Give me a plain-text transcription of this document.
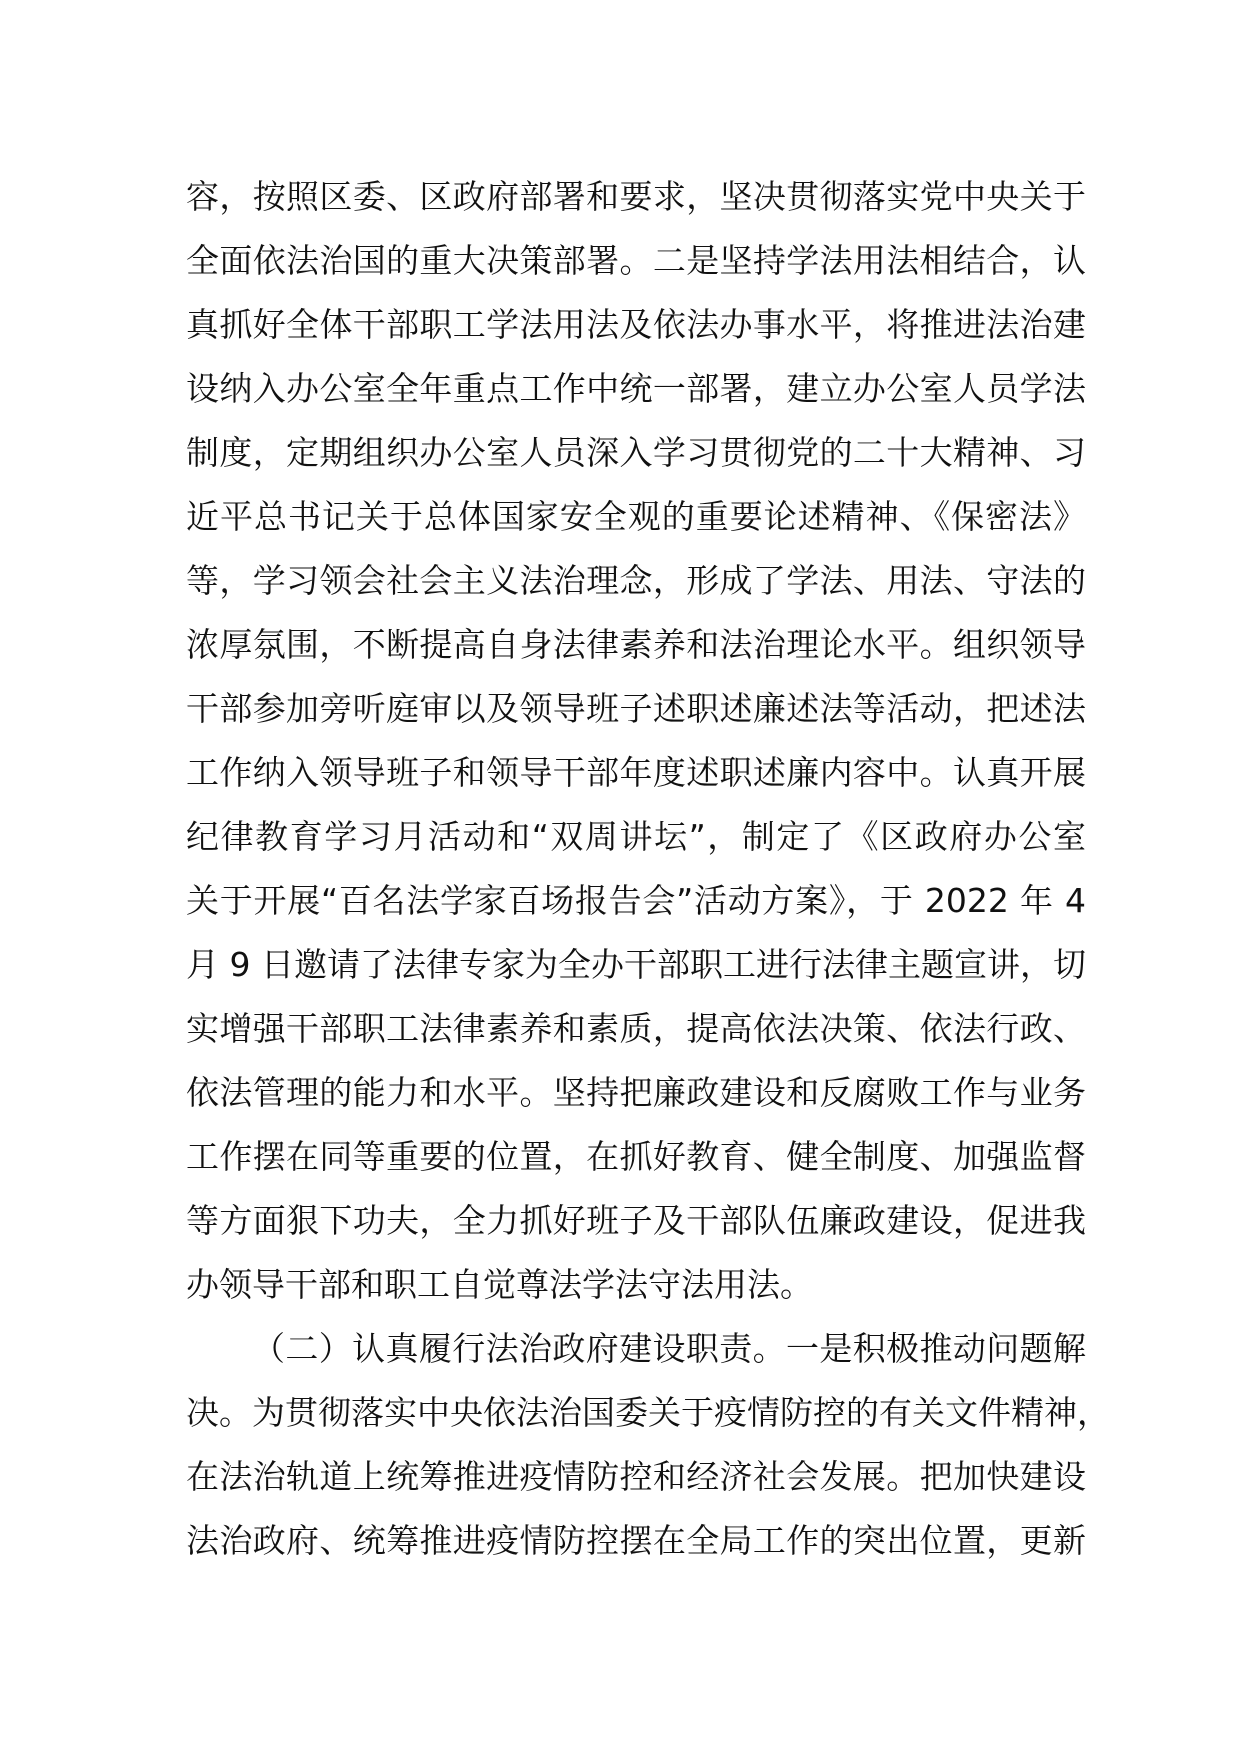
容，按照区委、区政府部署和要求，坚决贯彻落实党中央关于
全面依法治国的重大决策部署。二是坚持学法用法相结合，认
真抓好全体干部职工学法用法及依法办事水平，将推进法治建
设纳入办公室全年重点工作中统一部署，建立办公室人员学法
制度，定期组织办公室人员深入学习贯彻党的二十大精神、习
近平总书记关于总体国家安全观的重要论述精神、《保密法》
等，学习领会社会主义法治理念，形成了学法、用法、守法的
浓厚氛围，不断提高自身法律素养和法治理论水平。组织领导
干部参加旁听庭审以及领导班子述职述廉述法等活动，把述法
工作纳入领导班子和领导干部年度述职述廉内容中。认真开展
纪律教育学习月活动和“双周讲坛”，制定了《区政府办公室
关于开展“百名法学家百场报告会”活动方案》，于 2022 年 4
月 9 日邀请了法律专家为全办干部职工进行法律主题宣讲，切
实增强干部职工法律素养和素质，提高依法决策、依法行政、
依法管理的能力和水平。坚持把廉政建设和反腐败工作与业务
工作摆在同等重要的位置，在抓好教育、健全制度、加强监督
等方面狠下功夫，全力抓好班子及干部队伍廉政建设，促进我
办领导干部和职工自觉尊法学法守法用法。
（二）认真履行法治政府建设职责。一是积极推动问题解
决。为贯彻落实中央依法治国委关于疫情防控的有关文件精神，
在法治轨道上统筹推进疫情防控和经济社会发展。把加快建设
法治政府、统筹推进疫情防控摆在全局工作的突出位置，更新
